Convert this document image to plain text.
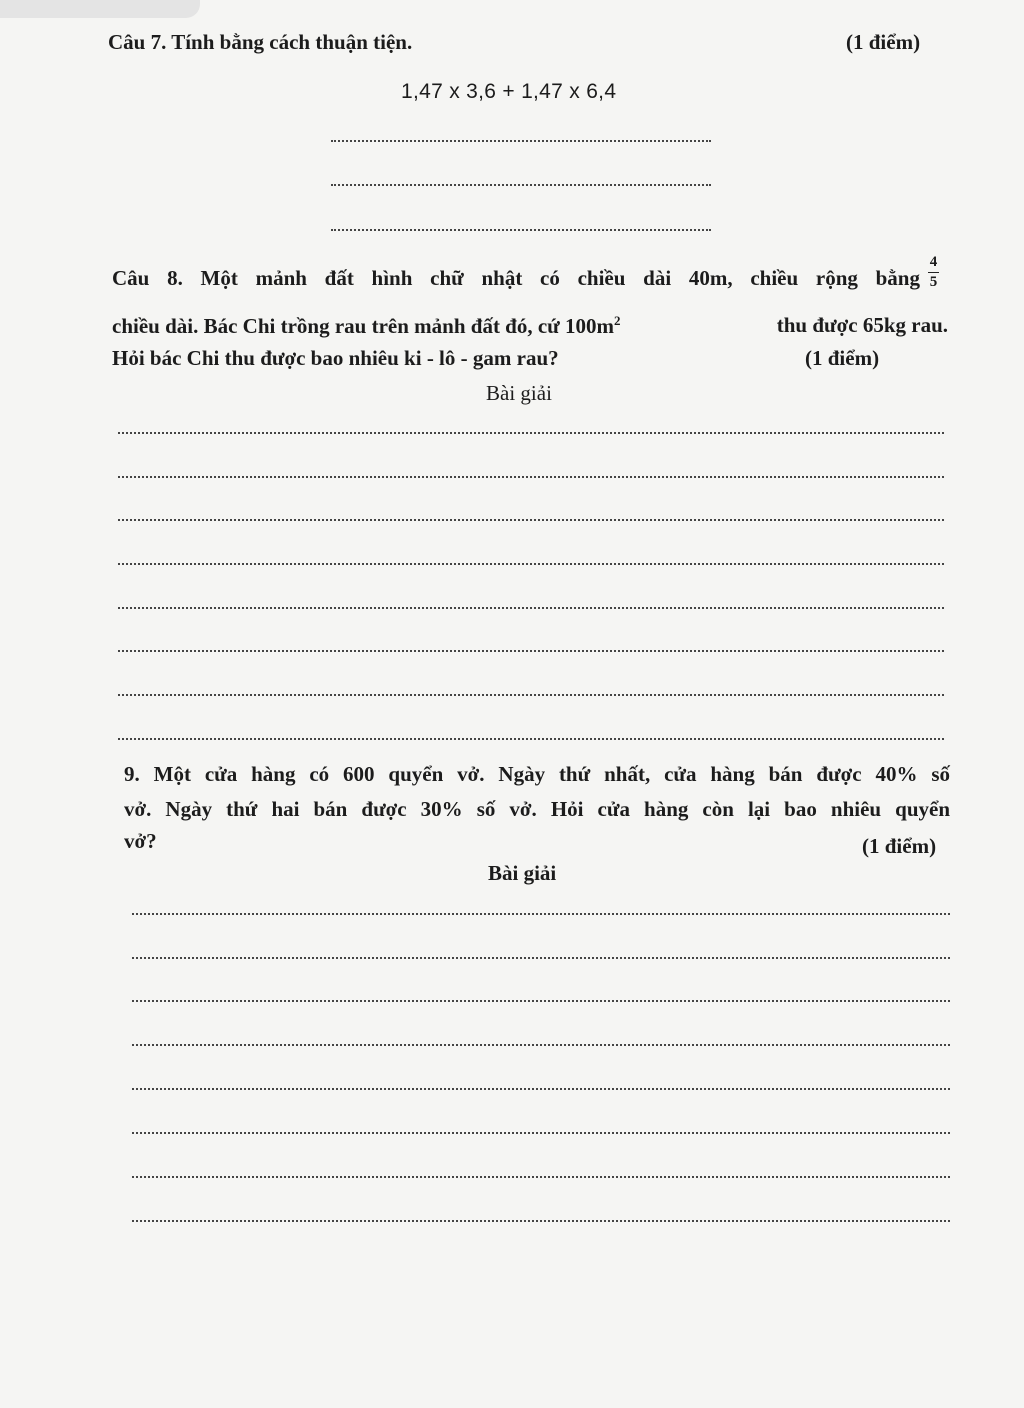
Câu 7. Tính bằng cách thuận tiện.	(1 điểm)
1,47 x 3,6 + 1,47 x 6,4
Câu 8. Một mảnh đất hình chữ nhật có chiều dài 40m, chiều rộng bằng
4
5
chiều dài. Bác Chi trồng rau trên mảnh đất đó, cứ $100m^2$	thu được 65kg rau.
Hỏi bác Chi thu được bao nhiêu ki - lô - gam rau?	(1 điểm)
Bài giải
9. Một cửa hàng có 600 quyển vở. Ngày thứ nhất, cửa hàng bán được 40% số
vở. Ngày thứ hai bán được 30% số vở. Hỏi cửa hàng còn lại bao nhiêu quyển
vở?	(1 điểm)
Bài giải
